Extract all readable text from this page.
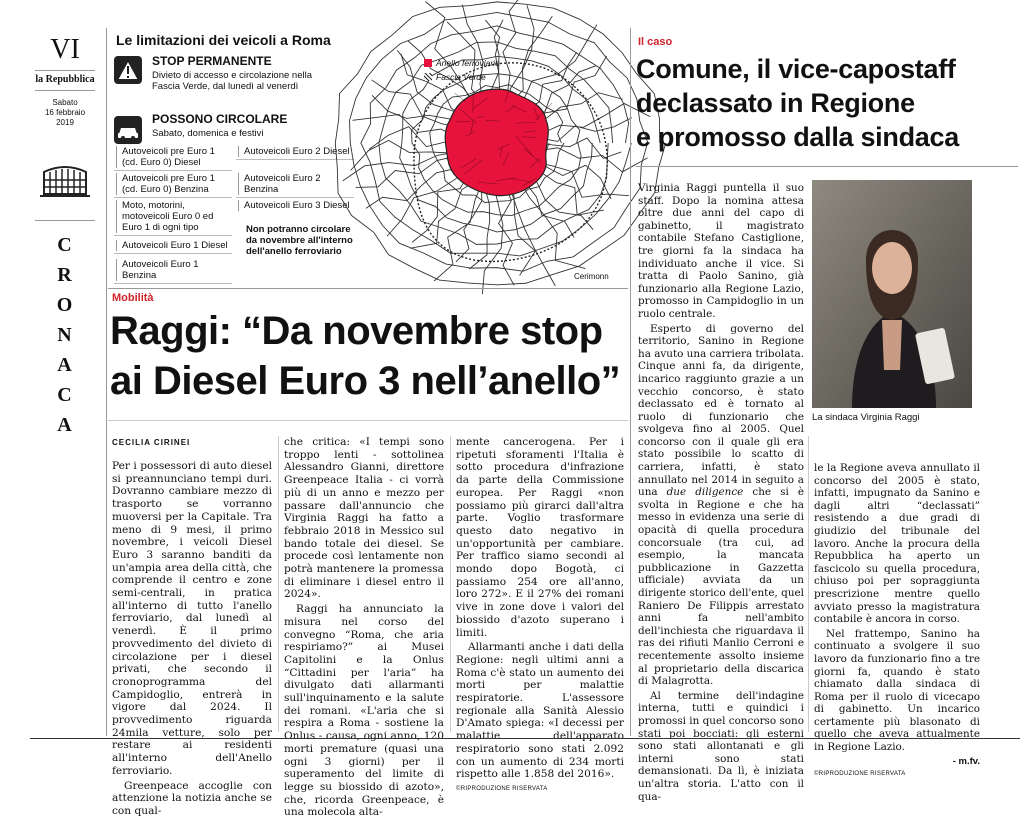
VI
la Repubblica
Sabato
16 febbraio
2019
C
R
O
N
A
C
A
Le limitazioni dei veicoli a Roma
STOP PERMANENTE
Divieto di accesso e circolazione nella Fascia Verde, dal lunedì al venerdì
POSSONO CIRCOLARE
Sabato, domenica e festivi
Autoveicoli pre Euro 1 (cd. Euro 0) Diesel
Autoveicoli pre Euro 1 (cd. Euro 0) Benzina
Moto, motorini, motoveicoli Euro 0 ed Euro 1 di ogni tipo
Autoveicoli Euro 1 Diesel
Autoveicoli Euro 1 Benzina
Autoveicoli Euro 2 Diesel
Autoveicoli Euro 2 Benzina
Autoveicoli Euro 3 Diesel
Non potranno circolare da novembre all'interno dell'anello ferroviario
Anello ferroviario
Fascia Verde
Cerimonn
Mobilità
Raggi: “Da novembre stop
ai Diesel Euro 3 nell’anello”
CECILIA CIRINEI

Per i possessori di auto diesel si preannunciano tempi duri. Dovranno cambiare mezzo di trasporto se vorranno muoversi per la Capitale. Tra meno di 9 mesi, il primo novembre, i veicoli Diesel Euro 3 saranno banditi da un'ampia area della città, che comprende il centro e zone semi-centrali, in pratica all'interno di tutto l'anello ferroviario, dal lunedì al venerdì. È il primo provvedimento del divieto di circolazione per i diesel privati, che secondo il cronoprogramma del Campidoglio, entrerà in vigore dal 2024. Il provvedimento riguarda 24mila vetture, solo per restare ai residenti all'interno dell'Anello ferroviario.

Greenpeace accoglie con attenzione la notizia anche se con qual-

che critica: «I tempi sono troppo lenti - sottolinea Alessandro Gianni, direttore Greenpeace Italia - ci vorrà più di un anno e mezzo per passare dall'annuncio che Virginia Raggi ha fatto a febbraio 2018 in Messico sul bando totale dei diesel. Se procede così lentamente non potrà mantenere la promessa di eliminare i diesel entro il 2024».

Raggi ha annunciato la misura nel corso del convegno “Roma, che aria respiriamo?” ai Musei Capitolini e la Onlus “Cittadini per l'aria” ha divulgato dati allarmanti sull'inquinamento e la salute dei romani. «L'aria che si respira a Roma - sostiene la Onlus - causa, ogni anno, 120 morti premature (quasi una ogni 3 giorni) per il superamento del limite di legge su biossido di azoto», che, ricorda Greenpeace, è una molecola alta-

mente cancerogena. Per i ripetuti sforamenti l'Italia è sotto procedura d'infrazione da parte della Commissione europea. Per Raggi «non possiamo più girarci dall'altra parte. Voglio trasformare questo dato negativo in un'opportunità per cambiare. Per traffico siamo secondi al mondo dopo Bogotà, ci passiamo 254 ore all'anno, loro 272». E il 27% dei romani vive in zone dove i valori del biossido d'azoto superano i limiti.

Allarmanti anche i dati della Regione: negli ultimi anni a Roma c'è stato un aumento dei morti per malattie respiratorie. L'assessore regionale alla Sanità Alessio D'Amato spiega: «I decessi per malattie dell'apparato respiratorio sono stati 2.092 con un aumento di 234 morti rispetto alle 1.858 del 2016».

©RIPRODUZIONE RISERVATA
Il caso
Comune, il vice-capostaff
declassato in Regione
e promosso dalla sindaca

Virginia Raggi puntella il suo staff. Dopo la nomina attesa oltre due anni del capo di gabinetto, il magistrato contabile Stefano Castiglione, tre giorni fa la sindaca ha individuato anche il vice. Si tratta di Paolo Sanino, già funzionario alla Regione Lazio, promosso in Campidoglio in un ruolo centrale.

Esperto di governo del territorio, Sanino in Regione ha avuto una carriera tribolata. Cinque anni fa, da dirigente, incarico raggiunto grazie a un vecchio concorso, è stato declassato ed è tornato al ruolo di funzionario che svolgeva fino al 2005. Quel concorso con il quale gli era stato possibile lo scatto di carriera, infatti, è stato annullato nel 2014 in seguito a una due diligence che si è svolta in Regione e che ha messo in evidenza una serie di opacità di quella procedura concorsuale (tra cui, ad esempio, la mancata pubblicazione in Gazzetta ufficiale) avviata da un dirigente storico dell'ente, quel Raniero De Filippis arrestato anni fa nell'ambito dell'inchiesta che riguardava il ras dei rifiuti Manlio Cerroni e recentemente assolto insieme al proprietario della discarica di Malagrotta.

Al termine dell'indagine interna, tutti e quindici i promossi in quel concorso sono stati poi bocciati: gli esterni sono stati allontanati e gli interni sono stati demansionati. Da lì, è iniziata un'altra storia. L'atto con il qua-

La sindaca Virginia Raggi

le la Regione aveva annullato il concorso del 2005 è stato, infatti, impugnato da Sanino e dagli altri “declassati” resistendo a due gradi di giudizio del tribunale del lavoro. Anche la procura della Repubblica ha aperto un fascicolo su quella procedura, chiuso poi per sopraggiunta prescrizione mentre quello avviato presso la magistratura contabile è ancora in corso.

Nel frattempo, Sanino ha continuato a svolgere il suo lavoro da funzionario fino a tre giorni fa, quando è stato chiamato dalla sindaca di Roma per il ruolo di vicecapo di gabinetto. Un incarico certamente più blasonato di quello che aveva attualmente in Regione Lazio.

- m.fv.
©RIPRODUZIONE RISERVATA
